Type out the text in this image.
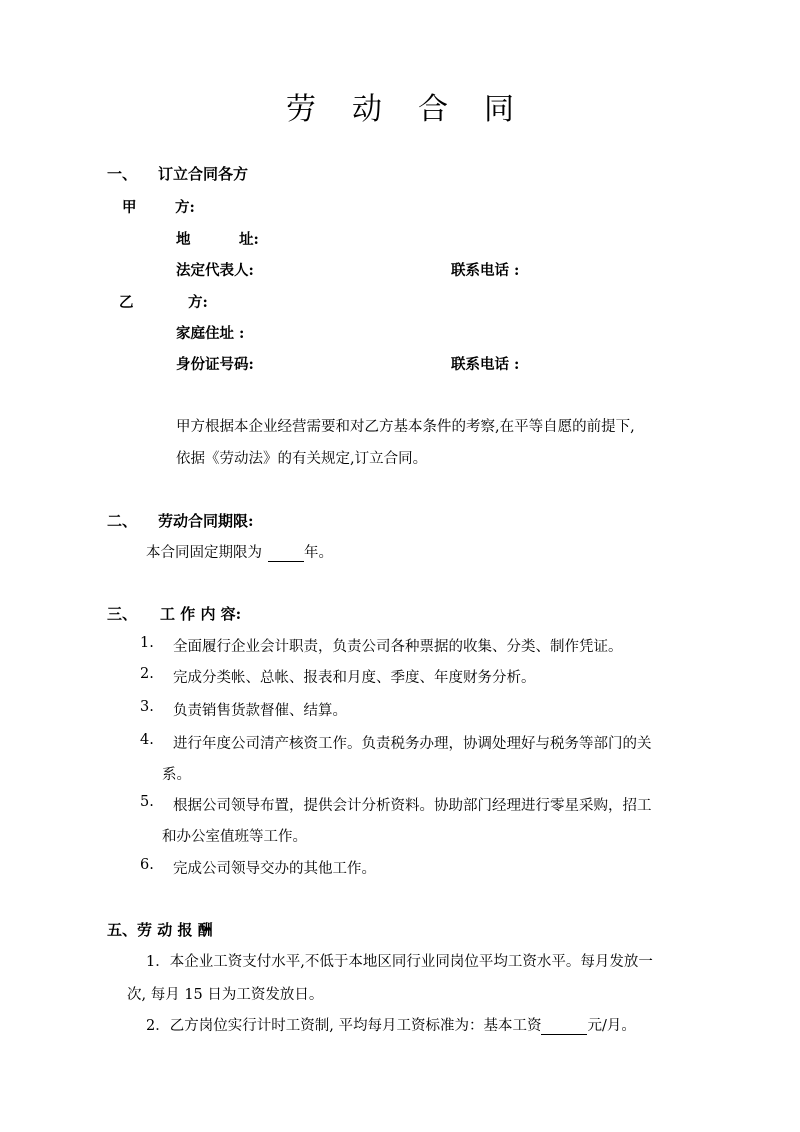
劳 动 合 同
一、 订立合同各方
甲	方:
地	址:
法定代表人:	联系电话 :
乙	方:
家庭住址 :
身份证号码:	联系电话 :
甲方根据本企业经营需要和对乙方基本条件的考察,在平等自愿的前提下,
依据《劳动法》的有关规定,订立合同。
二、 劳动合同期限:
本合同固定期限为	年。
三、 工 作 内 容:
1. 全面履行企业会计职责，负责公司各种票据的收集、分类、制作凭证。
2. 完成分类帐、总帐、报表和月度、季度、年度财务分析。
3. 负责销售货款督催、结算。
4. 进行年度公司清产核资工作。负责税务办理，协调处理好与税务等部门的关
系。
5. 根据公司领导布置，提供会计分析资料。协助部门经理进行零星采购，招工
和办公室值班等工作。
6. 完成公司领导交办的其他工作。
五、劳 动 报 酬
1．本企业工资支付水平,不低于本地区同行业同岗位平均工资水平。每月发放一
次, 每月 15 日为工资发放日。
2．乙方岗位实行计时工资制, 平均每月工资标准为：基本工资	元/月。
